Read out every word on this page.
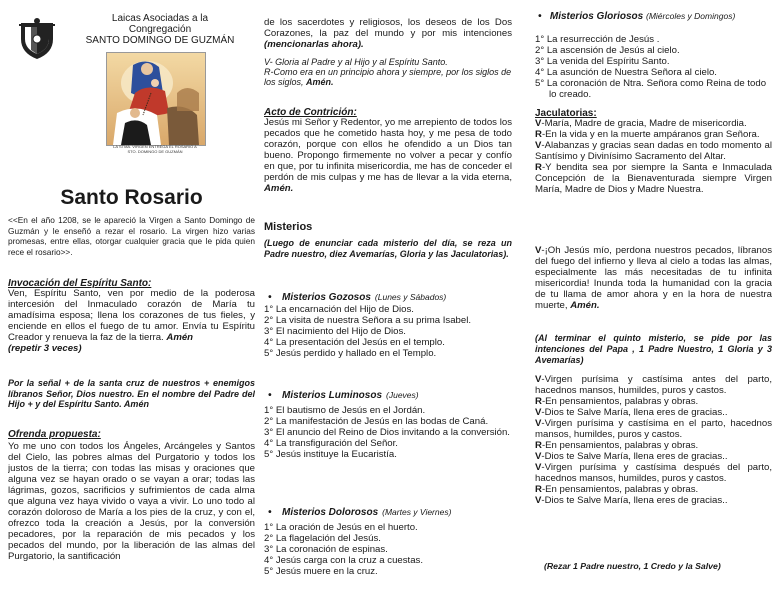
Laicas Asociadas a la
Congregación
SANTO DOMINGO DE GUZMÁN
LA STMA. VIRGEN ENTREGA EL ROSARIO A
STO. DOMINGO DE GUZMÁN
Santo Rosario

<<En el año 1208, se le apareció la Virgen a Santo Domingo de Guzmán y le enseñó a rezar el rosario. La virgen hizo varias promesas, entre ellas, otorgar cualquier gracia que le pida quien rece el rosario>>.

Invocación del Espíritu Santo:

Ven, Espíritu Santo, ven por medio de la poderosa intercesión del Inmaculado corazón de María tu amadísima esposa; llena los corazones de tus fieles, y enciende en ellos el fuego de tu amor. Envía tu Espíritu Creador y renueva la faz de la tierra. Amén
(repetir 3 veces)

Por la señal + de la santa cruz de nuestros + enemigos líbranos Señor, Dios nuestro. En el nombre del Padre del Hijo + y del Espíritu Santo. Amén

Ofrenda propuesta:

Yo me uno con todos los Ángeles, Arcángeles y Santos del Cielo, las pobres almas del Purgatorio y todos los justos de la tierra; con todas las misas y oraciones que alguna vez se hayan orado o se vayan a orar; todas las lágrimas, gozos, sacrificios y sufrimientos de cada alma que alguna vez haya vivido o vaya a vivir. Lo uno todo al corazón doloroso de María a los pies de la cruz, y con el, ofrezco toda la creación a Jesús, por la conversión pecadores, por la reparación de mis pecados y los pecados del mundo, por la liberación de las almas del Purgatorio, la santificación

de los sacerdotes y religiosos, los deseos de los Dos Corazones, la paz del mundo y por mis intenciones (mencionarlas ahora).

V- Gloria al Padre y al Hijo y al Espíritu Santo.
R-Como era en un principio ahora y siempre, por los siglos de los siglos, Amén.
Acto de Contrición:

Jesús mi Señor y Redentor, yo me arrepiento de todos los pecados que he cometido hasta hoy, y me pesa de todo corazón, porque con ellos he ofendido a un Dios tan bueno. Propongo firmemente no volver a pecar y confío en que, por tu infinita misericordia, me has de conceder el perdón de mis culpas y me has de llevar a la vida eterna, Amén.

Misterios

(Luego de enunciar cada misterio del día, se reza un Padre nuestro, diez Avemarías, Gloria y las Jaculatorias).

• Misterios Gozosos (Lunes y Sábados)
1° La encarnación del Hijo de Dios.
2° La visita de nuestra Señora a su prima Isabel.
3° El nacimiento del Hijo de Dios.
4° La presentación del Jesús en el templo.
5° Jesús perdido y hallado en el Templo.
• Misterios Luminosos (Jueves)
1° El bautismo de Jesús en el Jordán.
2° La manifestación de Jesús en las bodas de Caná.
3° El anuncio del Reino de Dios invitando a la conversión.
4° La transfiguración del Señor.
5° Jesús instituye la Eucaristía.
• Misterios Dolorosos (Martes y Viernes)
1° La oración de Jesús en el huerto.
2° La flagelación del Jesús.
3° La coronación de espinas.
4° Jesús carga con la cruz a cuestas.
5° Jesús muere en la cruz.
• Misterios Gloriosos (Miércoles y Domingos)
1° La resurrección de Jesús .
2° La ascensión de Jesús al cielo.
3° La venida del Espíritu Santo.
4° La asunción de Nuestra Señora al cielo.
5° La coronación de Ntra. Señora como Reina de todo lo creado.
Jaculatorias:
V-María, Madre de gracia, Madre de misericordia.
R-En la vida y en la muerte ampáranos gran Señora.
V-Alabanzas y gracias sean dadas en todo momento al Santísimo y Divinísimo Sacramento del Altar.
R-Y bendita sea por siempre la Santa e Inmaculada Concepción de la Bienaventurada siempre Virgen María, Madre de Dios y Madre Nuestra.

V-¡Oh Jesús mío, perdona nuestros pecados, líbranos del fuego del infierno y lleva al cielo a todas las almas, especialmente las más necesitadas de tu infinita misericordia! Inunda toda la humanidad con la gracia de tu llama de amor ahora y en la hora de nuestra muerte, Amén.

(Al terminar el quinto misterio, se pide por las intenciones del Papa , 1 Padre Nuestro, 1 Gloria y 3 Avemarías)

V-Virgen purísima y castísima antes del parto, hacednos mansos, humildes, puros y castos.
R-En pensamientos, palabras y obras.
V-Dios te Salve María, llena eres de gracias..
V-Virgen purísima y castísima en el parto, hacednos mansos, humildes, puros y castos.
R-En pensamientos, palabras y obras.
V-Dios te Salve María, llena eres de gracias..
V-Virgen purísima y castísima después del parto, hacednos mansos, humildes, puros y castos.
R-En pensamientos, palabras y obras.
V-Dios te Salve María, llena eres de gracias..
(Rezar 1 Padre nuestro, 1 Credo y la Salve)
